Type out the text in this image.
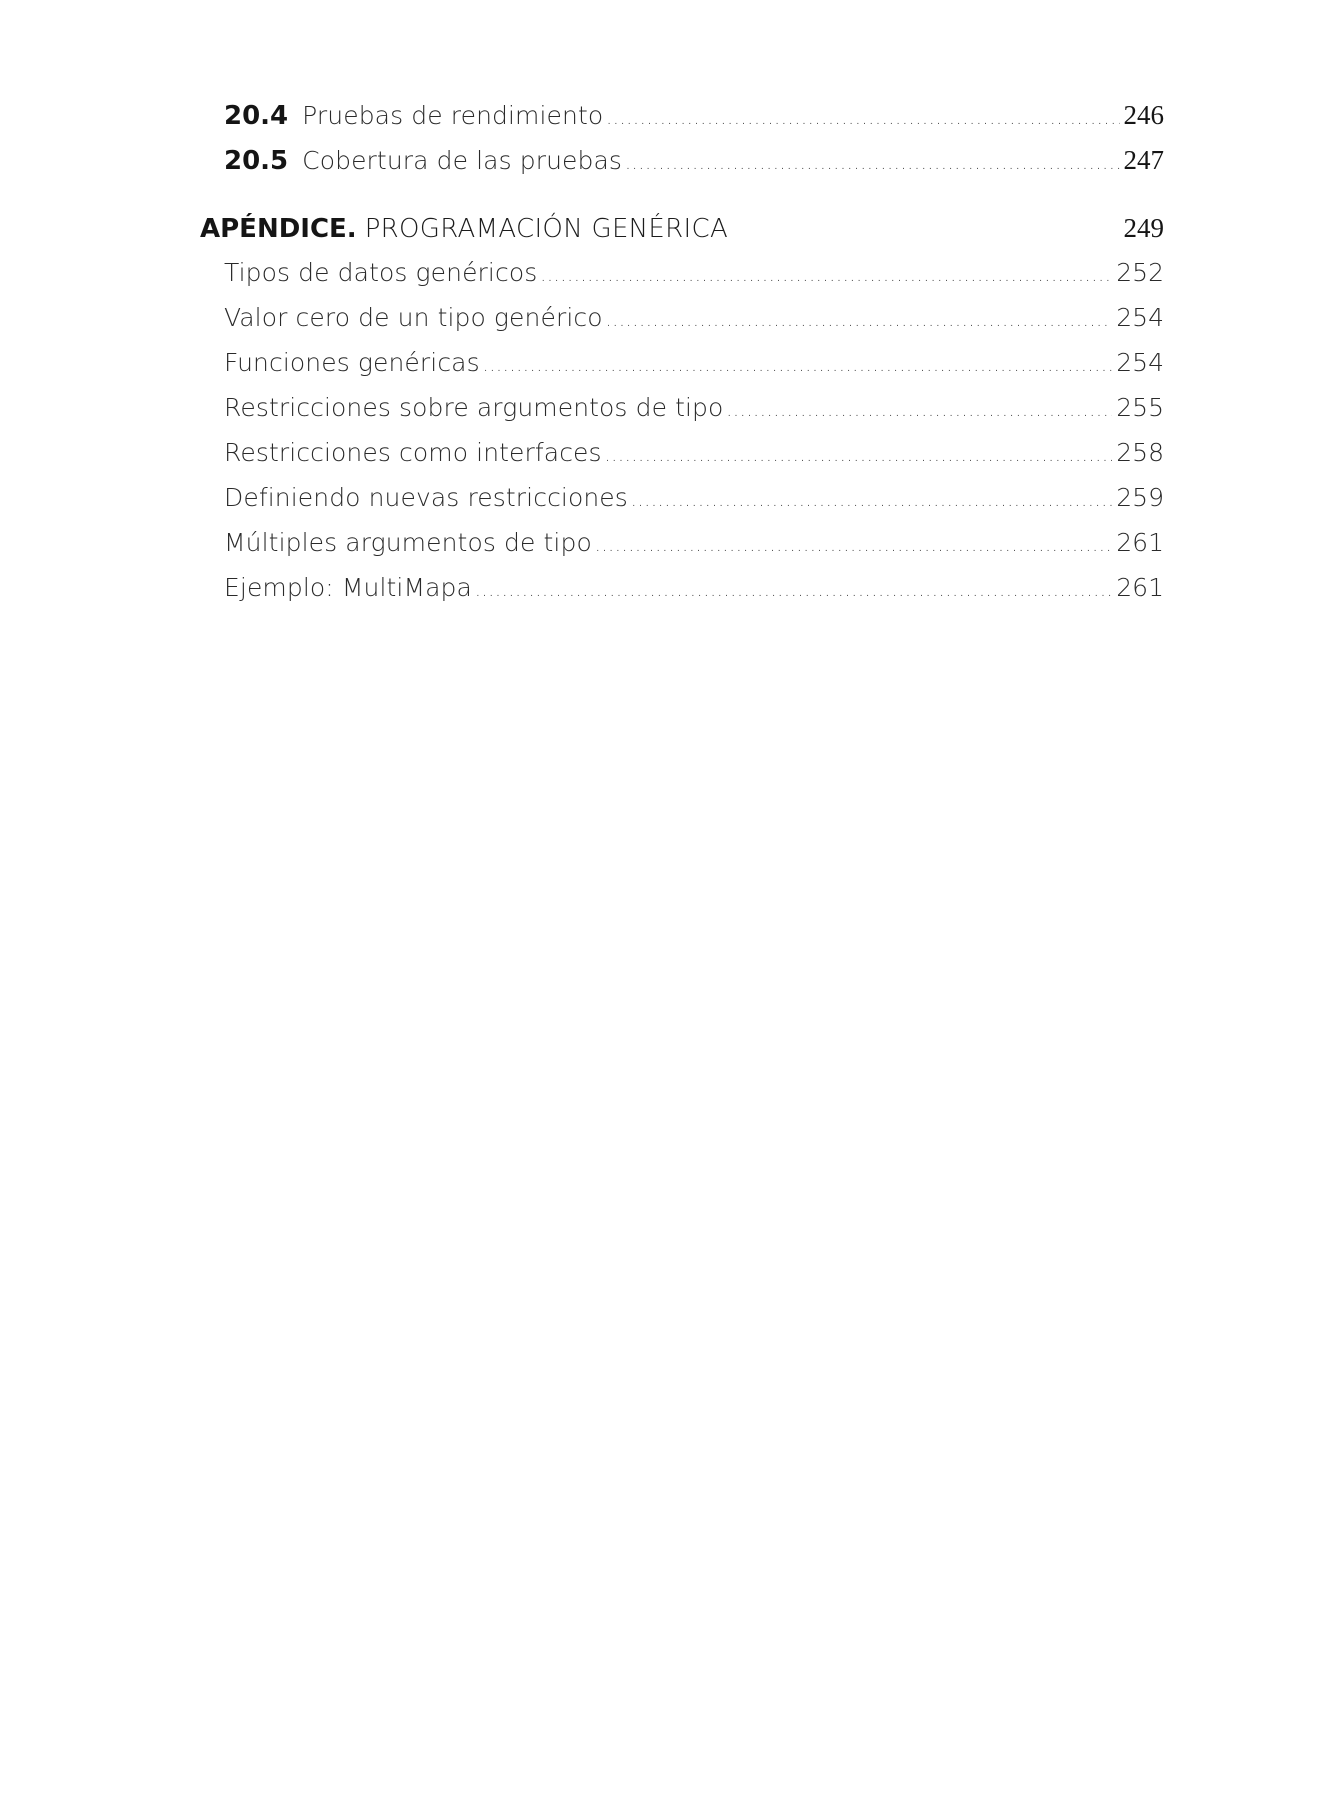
20.4 Pruebas de rendimiento .....	246
20.5 Cobertura de las pruebas .....	247
APÉNDICE. PROGRAMACIÓN GENÉRICA	249
Tipos de datos genéricos .....	252
Valor cero de un tipo genérico .....	254
Funciones genéricas .....	254
Restricciones sobre argumentos de tipo .....	255
Restricciones como interfaces .....	258
Definiendo nuevas restricciones .....	259
Múltiples argumentos de tipo .....	261
Ejemplo: MultiMapa .....	261
